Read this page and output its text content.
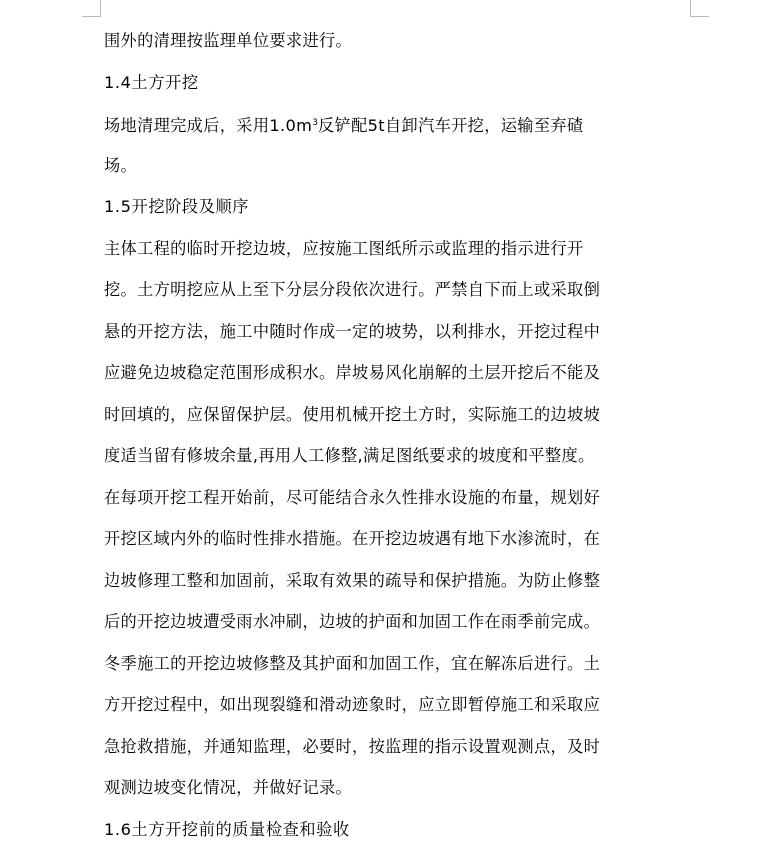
围外的清理按监理单位要求进行。
1.4土方开挖
场地清理完成后，采用$1.0m^3$反铲配5t自卸汽车开挖，运输至弃碴
场。
1.5开挖阶段及顺序
主体工程的临时开挖边坡，应按施工图纸所示或监理的指示进行开
挖。土方明挖应从上至下分层分段依次进行。严禁自下而上或采取倒
悬的开挖方法，施工中随时作成一定的坡势，以利排水，开挖过程中
应避免边坡稳定范围形成积水。岸坡易风化崩解的土层开挖后不能及
时回填的，应保留保护层。使用机械开挖土方时，实际施工的边坡坡
度适当留有修坡余量,再用人工修整,满足图纸要求的坡度和平整度。
在每项开挖工程开始前，尽可能结合永久性排水设施的布量，规划好
开挖区域内外的临时性排水措施。在开挖边坡遇有地下水渗流时，在
边坡修理工整和加固前，采取有效果的疏导和保护措施。为防止修整
后的开挖边坡遭受雨水冲刷，边坡的护面和加固工作在雨季前完成。
冬季施工的开挖边坡修整及其护面和加固工作，宜在解冻后进行。土
方开挖过程中，如出现裂缝和滑动迹象时，应立即暂停施工和采取应
急抢救措施，并通知监理，必要时，按监理的指示设置观测点，及时
观测边坡变化情况，并做好记录。
1.6土方开挖前的质量检查和验收
